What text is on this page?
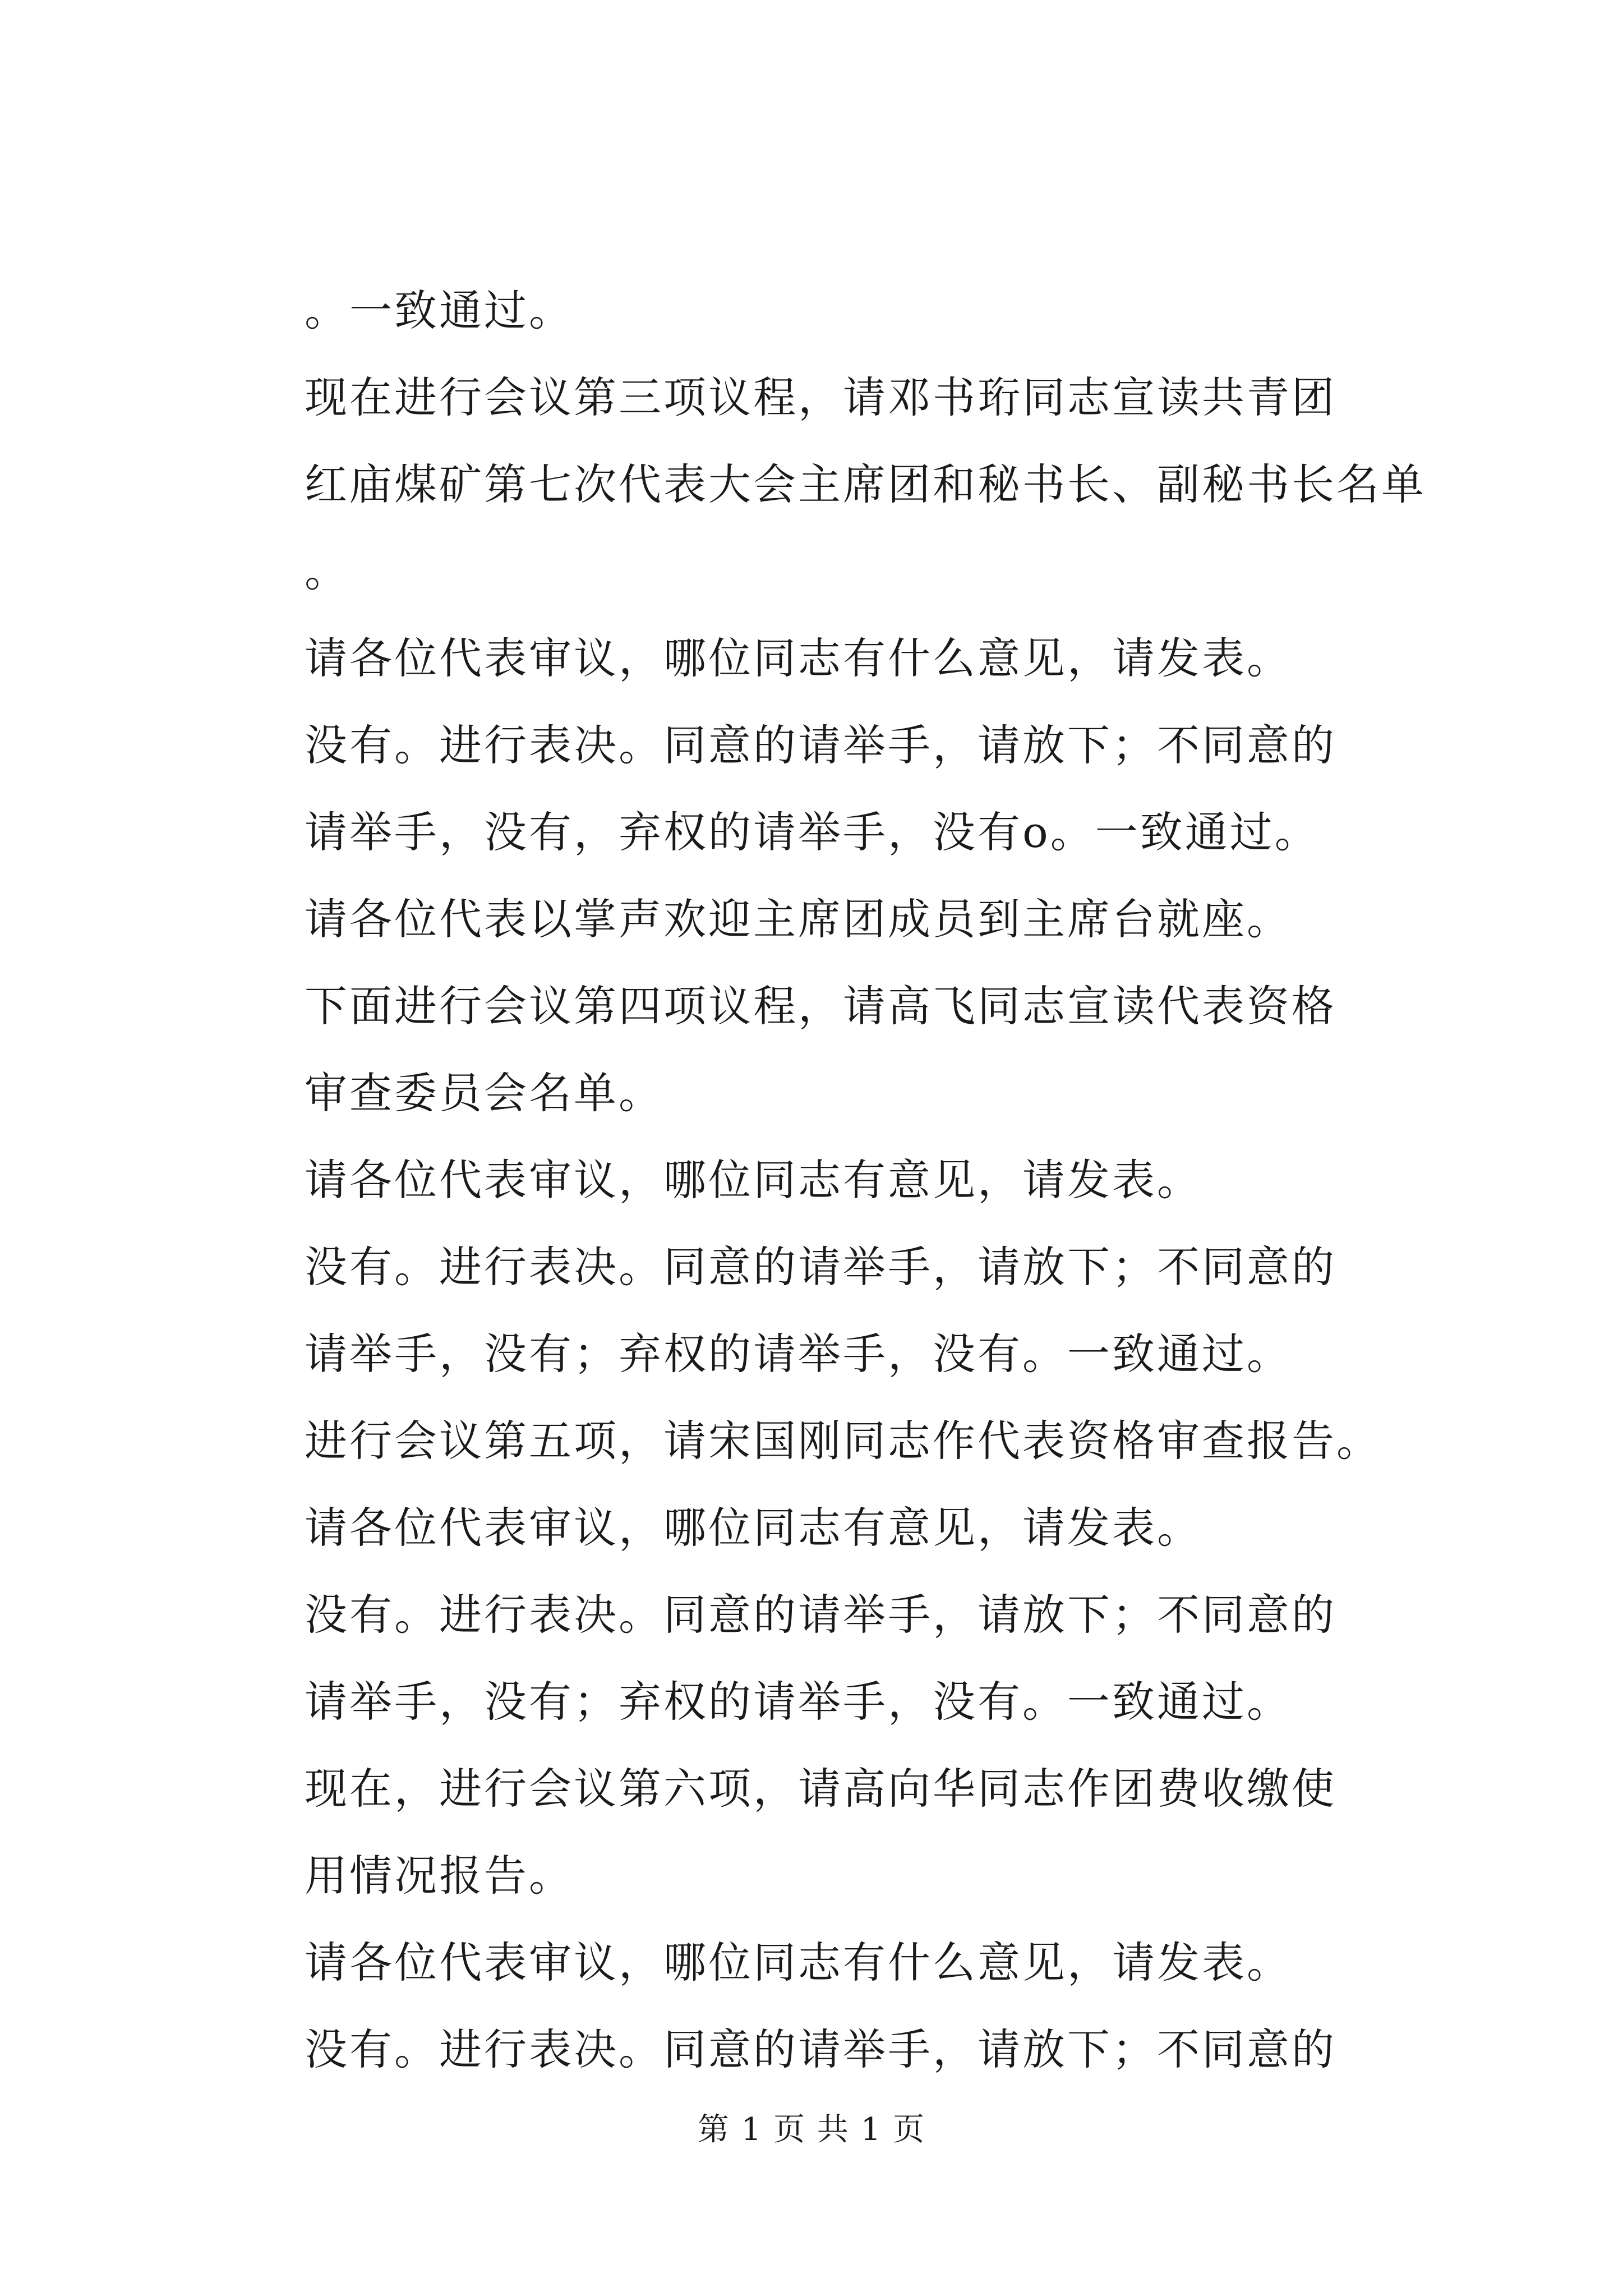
。一致通过。
现在进行会议第三项议程，请邓书珩同志宣读共青团
红庙煤矿第七次代表大会主席团和秘书长、副秘书长名单
。
请各位代表审议，哪位同志有什么意见，请发表。
没有。进行表决。同意的请举手，请放下；不同意的
请举手，没有，弃权的请举手，没有o。一致通过。
请各位代表以掌声欢迎主席团成员到主席台就座。
下面进行会议第四项议程，请高飞同志宣读代表资格
审查委员会名单。
请各位代表审议，哪位同志有意见，请发表。
没有。进行表决。同意的请举手，请放下；不同意的
请举手，没有；弃权的请举手，没有。一致通过。
进行会议第五项，请宋国刚同志作代表资格审查报告。
请各位代表审议，哪位同志有意见，请发表。
没有。进行表决。同意的请举手，请放下；不同意的
请举手，没有；弃权的请举手，没有。一致通过。
现在，进行会议第六项，请高向华同志作团费收缴使
用情况报告。
请各位代表审议，哪位同志有什么意见，请发表。
没有。进行表决。同意的请举手，请放下；不同意的
第 1 页 共 1 页
